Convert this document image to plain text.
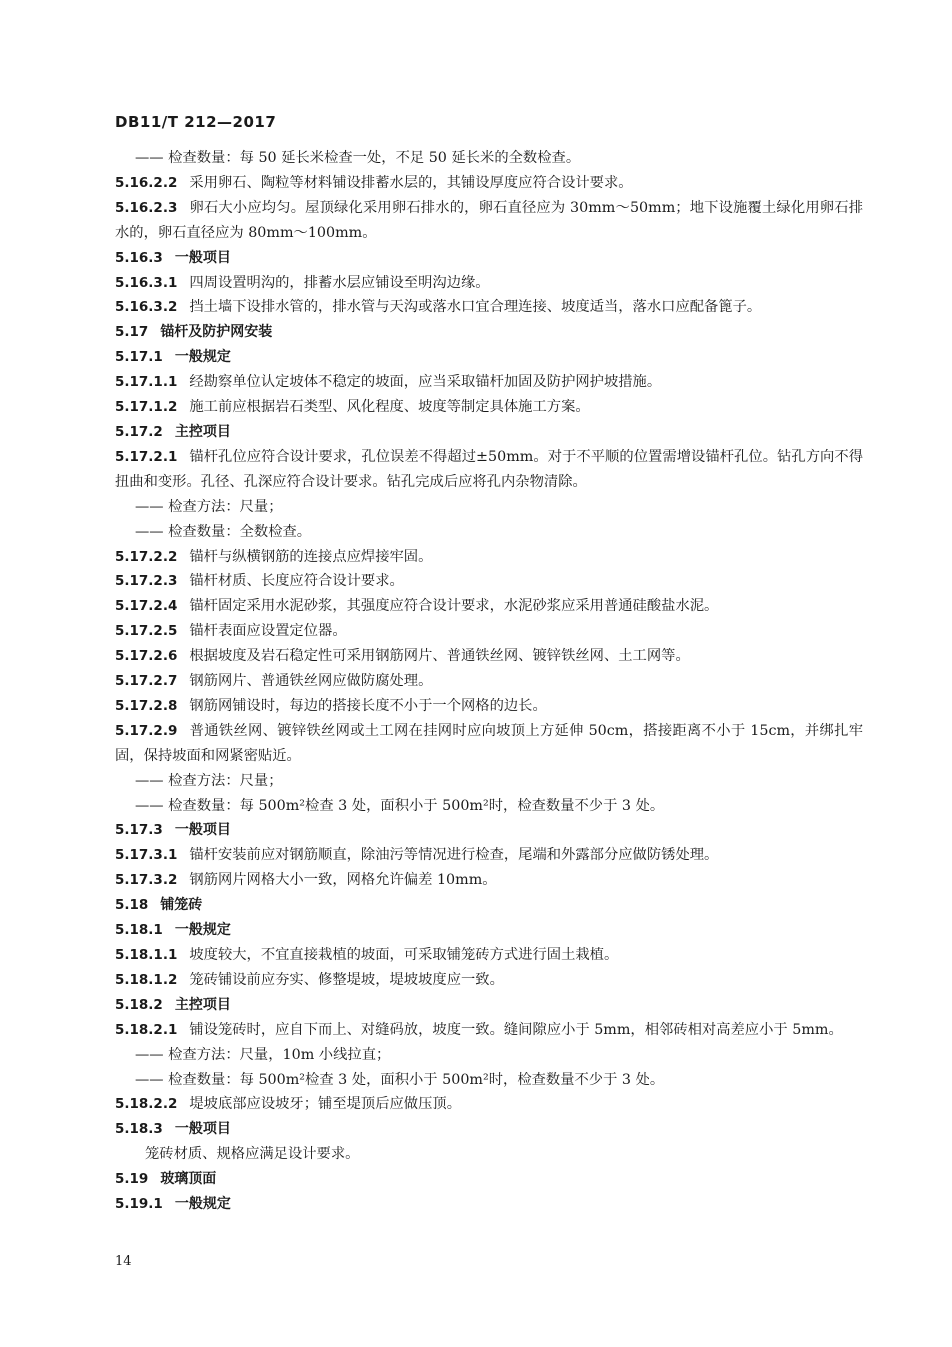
DB11/T 212—2017
—— 检查数量：每 50 延长米检查一处，不足 50 延长米的全数检查。
5.16.2.2 采用卵石、陶粒等材料铺设排蓄水层的，其铺设厚度应符合设计要求。
5.16.2.3 卵石大小应均匀。屋顶绿化采用卵石排水的，卵石直径应为 30mm～50mm；地下设施覆土绿化用卵石排水的，卵石直径应为 80mm～100mm。
5.16.3 一般项目
5.16.3.1 四周设置明沟的，排蓄水层应铺设至明沟边缘。
5.16.3.2 挡土墙下设排水管的，排水管与天沟或落水口宜合理连接、坡度适当，落水口应配备篦子。
5.17 锚杆及防护网安装
5.17.1 一般规定
5.17.1.1 经勘察单位认定坡体不稳定的坡面，应当采取锚杆加固及防护网护坡措施。
5.17.1.2 施工前应根据岩石类型、风化程度、坡度等制定具体施工方案。
5.17.2 主控项目
5.17.2.1 锚杆孔位应符合设计要求，孔位误差不得超过±50mm。对于不平顺的位置需增设锚杆孔位。钻孔方向不得扭曲和变形。孔径、孔深应符合设计要求。钻孔完成后应将孔内杂物清除。
—— 检查方法：尺量；
—— 检查数量：全数检查。
5.17.2.2 锚杆与纵横钢筋的连接点应焊接牢固。
5.17.2.3 锚杆材质、长度应符合设计要求。
5.17.2.4 锚杆固定采用水泥砂浆，其强度应符合设计要求，水泥砂浆应采用普通硅酸盐水泥。
5.17.2.5 锚杆表面应设置定位器。
5.17.2.6 根据坡度及岩石稳定性可采用钢筋网片、普通铁丝网、镀锌铁丝网、土工网等。
5.17.2.7 钢筋网片、普通铁丝网应做防腐处理。
5.17.2.8 钢筋网铺设时，每边的搭接长度不小于一个网格的边长。
5.17.2.9 普通铁丝网、镀锌铁丝网或土工网在挂网时应向坡顶上方延伸 50cm，搭接距离不小于 15cm，并绑扎牢固，保持坡面和网紧密贴近。
—— 检查方法：尺量；
—— 检查数量：每 500m²检查 3 处，面积小于 500m²时，检查数量不少于 3 处。
5.17.3 一般项目
5.17.3.1 锚杆安装前应对钢筋顺直，除油污等情况进行检查，尾端和外露部分应做防锈处理。
5.17.3.2 钢筋网片网格大小一致，网格允许偏差 10mm。
5.18 铺笼砖
5.18.1 一般规定
5.18.1.1 坡度较大，不宜直接栽植的坡面，可采取铺笼砖方式进行固土栽植。
5.18.1.2 笼砖铺设前应夯实、修整堤坡，堤坡坡度应一致。
5.18.2 主控项目
5.18.2.1 铺设笼砖时，应自下而上、对缝码放，坡度一致。缝间隙应小于 5mm，相邻砖相对高差应小于 5mm。
—— 检查方法：尺量，10m 小线拉直；
—— 检查数量：每 500m²检查 3 处，面积小于 500m²时，检查数量不少于 3 处。
5.18.2.2 堤坡底部应设坡牙；铺至堤顶后应做压顶。
5.18.3 一般项目
笼砖材质、规格应满足设计要求。
5.19 玻璃顶面
5.19.1 一般规定
14
